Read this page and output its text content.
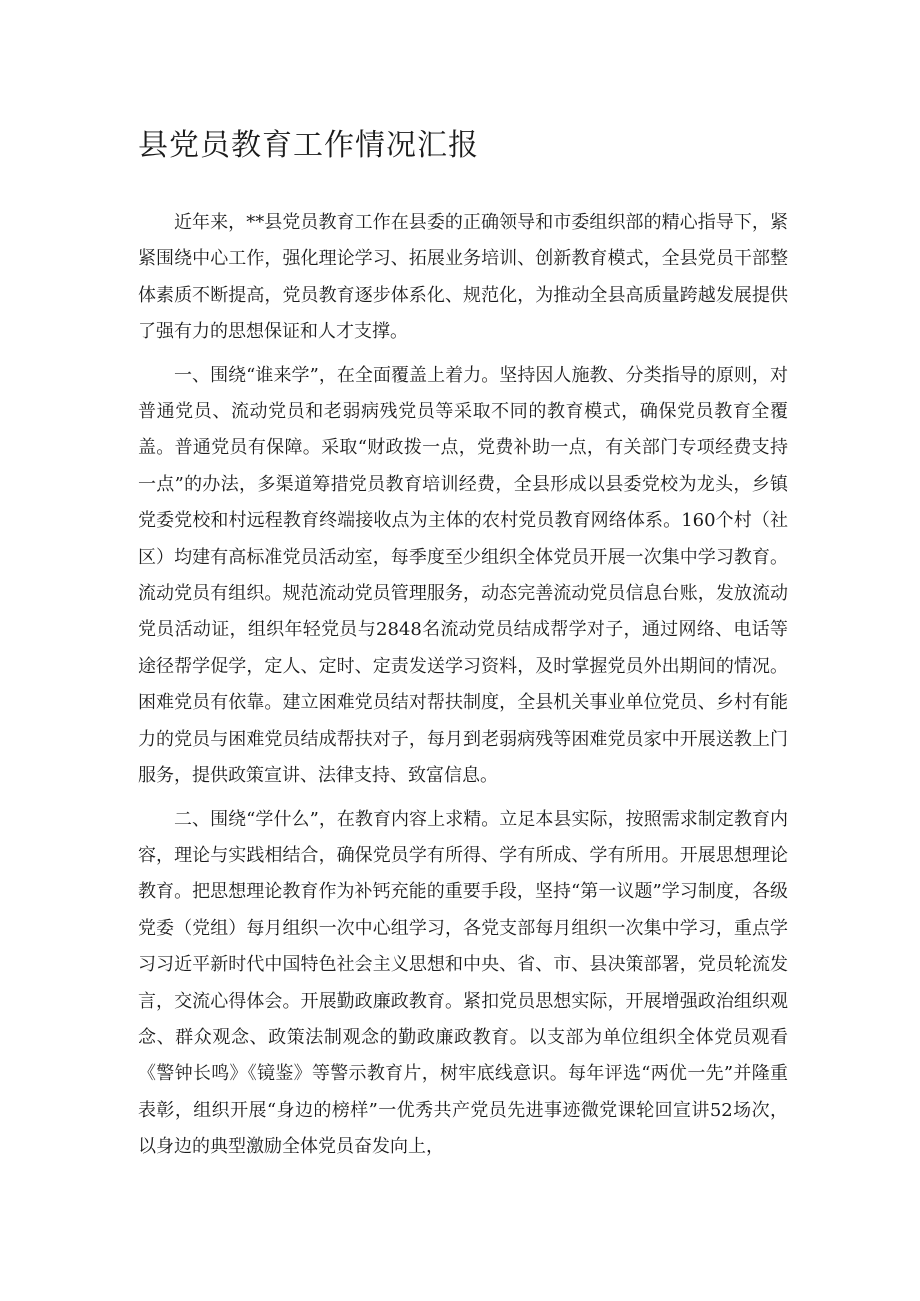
县党员教育工作情况汇报

近年来，**县党员教育工作在县委的正确领导和市委组织部的精心指导下，紧紧围绕中心工作，强化理论学习、拓展业务培训、创新教育模式，全县党员干部整体素质不断提高，党员教育逐步体系化、规范化，为推动全县高质量跨越发展提供了强有力的思想保证和人才支撑。

一、围绕“谁来学”，在全面覆盖上着力。坚持因人施教、分类指导的原则，对普通党员、流动党员和老弱病残党员等采取不同的教育模式，确保党员教育全覆盖。普通党员有保障。采取“财政拨一点，党费补助一点，有关部门专项经费支持一点”的办法，多渠道筹措党员教育培训经费，全县形成以县委党校为龙头，乡镇党委党校和村远程教育终端接收点为主体的农村党员教育网络体系。160个村（社区）均建有高标准党员活动室，每季度至少组织全体党员开展一次集中学习教育。流动党员有组织。规范流动党员管理服务，动态完善流动党员信息台账，发放流动党员活动证，组织年轻党员与2848名流动党员结成帮学对子，通过网络、电话等途径帮学促学，定人、定时、定责发送学习资料，及时掌握党员外出期间的情况。困难党员有依靠。建立困难党员结对帮扶制度，全县机关事业单位党员、乡村有能力的党员与困难党员结成帮扶对子，每月到老弱病残等困难党员家中开展送教上门服务，提供政策宣讲、法律支持、致富信息。

二、围绕“学什么”，在教育内容上求精。立足本县实际，按照需求制定教育内容，理论与实践相结合，确保党员学有所得、学有所成、学有所用。开展思想理论教育。把思想理论教育作为补钙充能的重要手段，坚持“第一议题”学习制度，各级党委（党组）每月组织一次中心组学习，各党支部每月组织一次集中学习，重点学习习近平新时代中国特色社会主义思想和中央、省、市、县决策部署，党员轮流发言，交流心得体会。开展勤政廉政教育。紧扣党员思想实际，开展增强政治组织观念、群众观念、政策法制观念的勤政廉政教育。以支部为单位组织全体党员观看《警钟长鸣》《镜鉴》等警示教育片，树牢底线意识。每年评选“两优一先”并隆重表彰，组织开展“身边的榜样”一优秀共产党员先进事迹微党课轮回宣讲52场次，以身边的典型激励全体党员奋发向上，
